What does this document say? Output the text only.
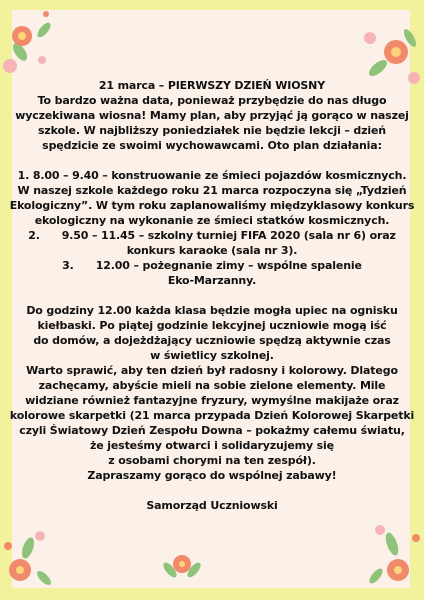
21 marca – PIERWSZY DZIEŃ WIOSNY

To bardzo ważna data, ponieważ przybędzie do nas długo

wyczekiwana wiosna! Mamy plan, aby przyjąć ją gorąco w naszej

szkole. W najbliższy poniedziałek nie będzie lekcji – dzień

spędzicie ze swoimi wychowawcami. Oto plan działania:

1. 8.00 – 9.40 – konstruowanie ze śmieci pojazdów kosmicznych.

W naszej szkole każdego roku 21 marca rozpoczyna się „Tydzień

Ekologiczny”. W tym roku zaplanowaliśmy międzyklasowy konkurs

ekologiczny na wykonanie ze śmieci statków kosmicznych.

2. 9.50 – 11.45 – szkolny turniej FIFA 2020 (sala nr 6) oraz

konkurs karaoke (sala nr 3).

3. 12.00 – pożegnanie zimy – wspólne spalenie

Eko-Marzanny.

Do godziny 12.00 każda klasa będzie mogła upiec na ognisku

kiełbaski. Po piątej godzinie lekcyjnej uczniowie mogą iść

do domów, a dojeżdżający uczniowie spędzą aktywnie czas

w świetlicy szkolnej.

Warto sprawić, aby ten dzień był radosny i kolorowy. Dlatego

zachęcamy, abyście mieli na sobie zielone elementy. Mile

widziane również fantazyjne fryzury, wymyślne makijaże oraz

kolorowe skarpetki (21 marca przypada Dzień Kolorowej Skarpetki

czyli Światowy Dzień Zespołu Downa – pokażmy całemu światu,

że jesteśmy otwarci i solidaryzujemy się

z osobami chorymi na ten zespół).

Zapraszamy gorąco do wspólnej zabawy!

Samorząd Uczniowski
